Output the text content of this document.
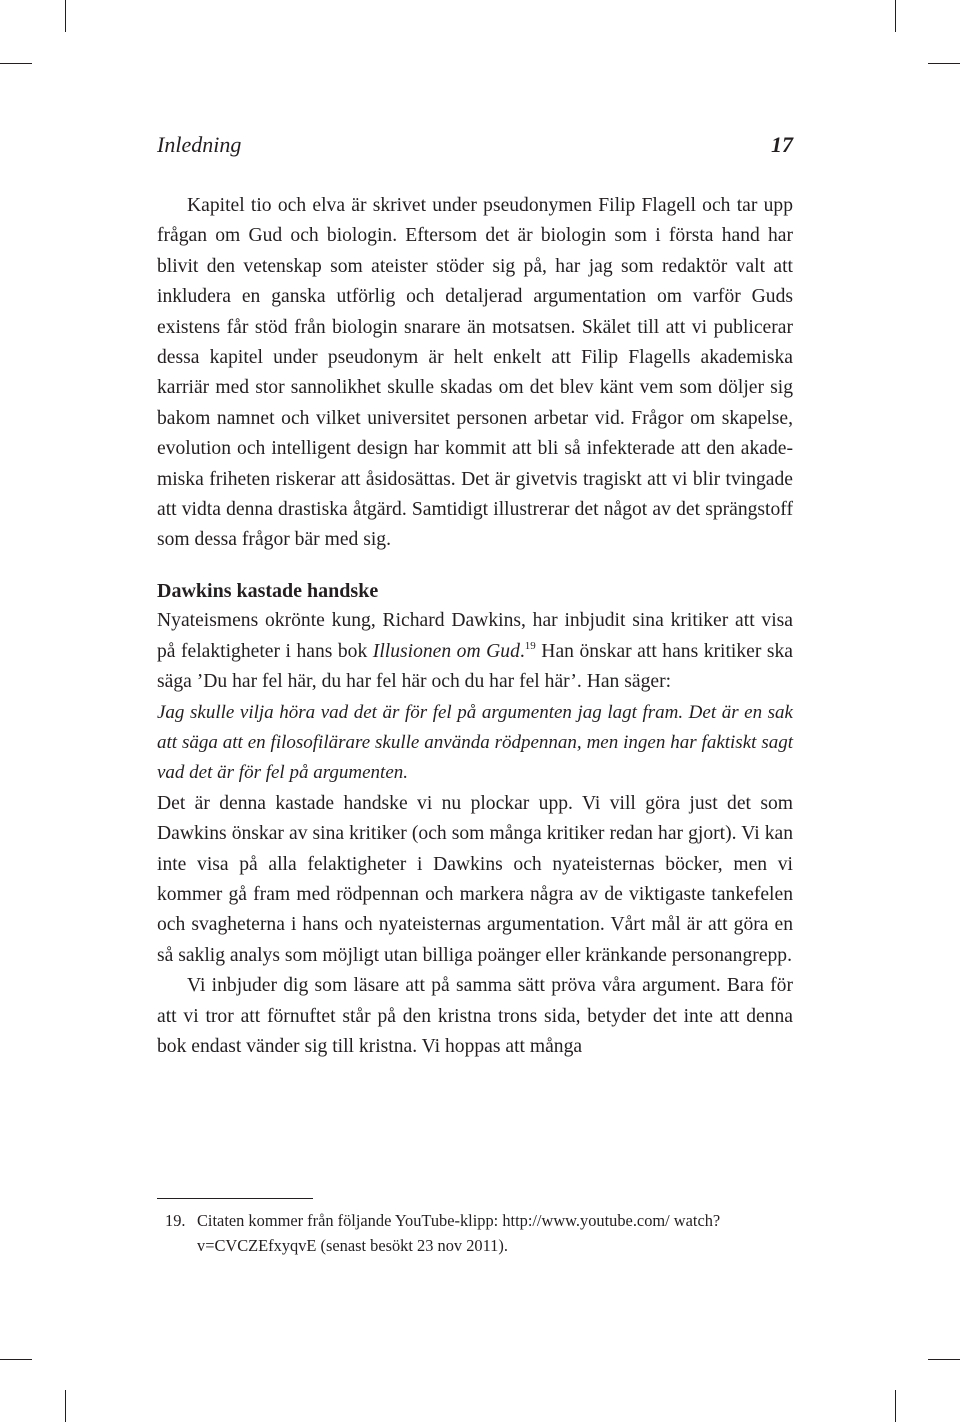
Inledning	17

Kapitel tio och elva är skrivet under pseudonymen Filip Flagell och tar upp frågan om Gud och biologin. Eftersom det är biologin som i första hand har blivit den vetenskap som ateister stöder sig på, har jag som redaktör valt att inkludera en ganska utförlig och detaljerad argumentation om varför Guds existens får stöd från biologin snarare än motsatsen. Skälet till att vi publicerar dessa kapitel under pseudonym är helt enkelt att Filip Flagells akademiska karriär med stor sannolikhet skulle skadas om det blev känt vem som döljer sig bakom namnet och vilket universitet personen arbetar vid. Frågor om skapelse, evolution och intelligent design har kommit att bli så infekterade att den akademiska friheten riskerar att åsidosättas. Det är givetvis tragiskt att vi blir tvingade att vidta denna drastiska åtgärd. Samtidigt illustrerar det något av det sprängstoff som dessa frågor bär med sig.

Dawkins kastade handske

Nyateismens okrönte kung, Richard Dawkins, har inbjudit sina kritiker att visa på felaktigheter i hans bok Illusionen om Gud.$^{19}$ Han önskar att hans kritiker ska säga ’Du har fel här, du har fel här och du har fel här’. Han säger:

Jag skulle vilja höra vad det är för fel på argumenten jag lagt fram. Det är en sak att säga att en filosofilärare skulle använda rödpennan, men ingen har faktiskt sagt vad det är för fel på argumenten.

Det är denna kastade handske vi nu plockar upp. Vi vill göra just det som Dawkins önskar av sina kritiker (och som många kritiker redan har gjort). Vi kan inte visa på alla felaktigheter i Dawkins och nyateisternas böcker, men vi kommer gå fram med rödpennan och markera några av de viktigaste tankefelen och svagheterna i hans och nyateisternas argumentation. Vårt mål är att göra en så saklig analys som möjligt utan billiga poänger eller kränkande personangrepp.

Vi inbjuder dig som läsare att på samma sätt pröva våra argument. Bara för att vi tror att förnuftet står på den kristna trons sida, betyder det inte att denna bok endast vänder sig till kristna. Vi hoppas att många

19. Citaten kommer från följande YouTube-klipp: http://www.youtube.com/ watch?v=CVCZEfxyqvE (senast besökt 23 nov 2011).
